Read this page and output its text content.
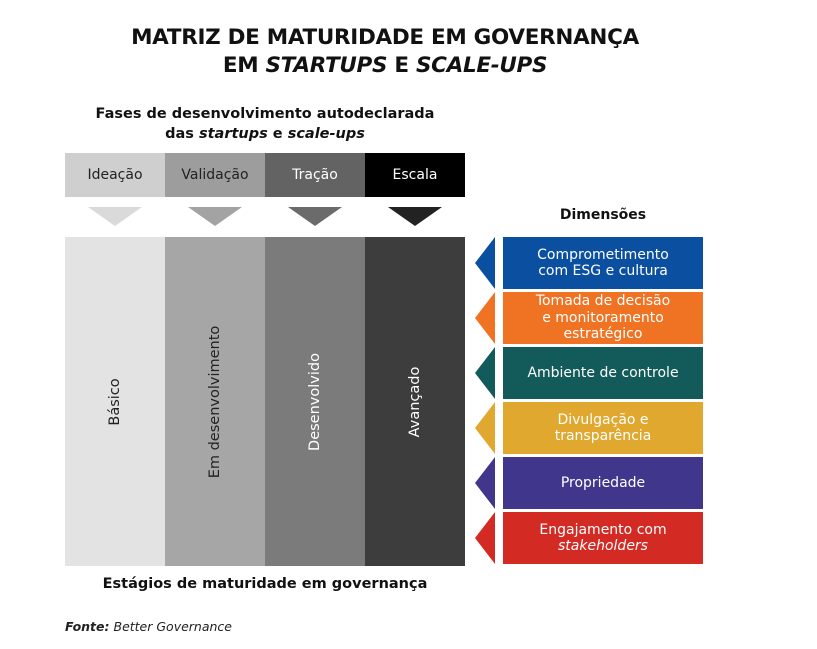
MATRIZ DE MATURIDADE EM GOVERNANÇA
EM STARTUPS E SCALE-UPS
Fases de desenvolvimento autodeclarada
das startups e scale-ups
Ideação	Validação	Tração	Escala
Básico	Em desenvolvimento	Desenvolvido	Avançado
Estágios de maturidade em governança
Dimensões
Comprometimento
com ESG e cultura
Tomada de decisão
e monitoramento
estratégico
Ambiente de controle
Divulgação e
transparência
Propriedade
Engajamento com
stakeholders
Fonte: Better Governance
